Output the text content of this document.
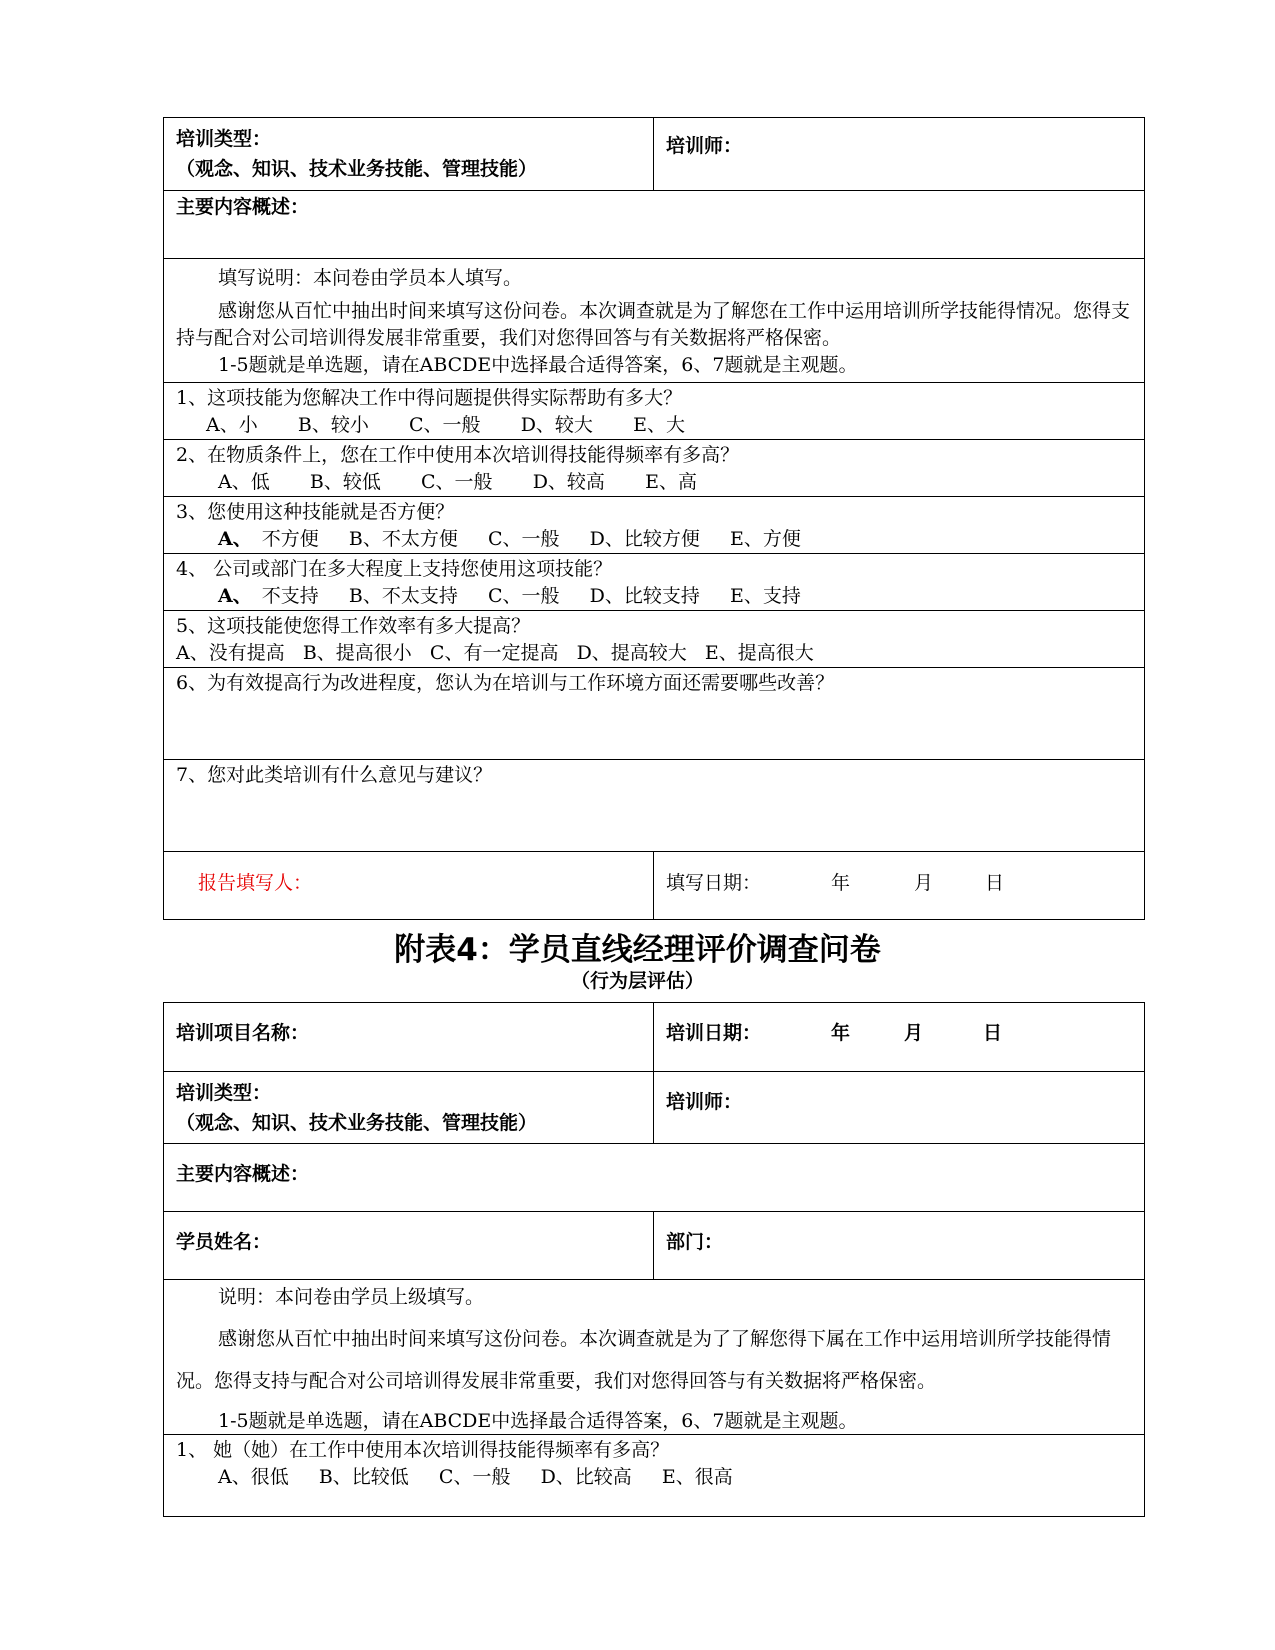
培训类型：
（观念、知识、技术业务技能、管理技能）
培训师：
主要内容概述：
填写说明：本问卷由学员本人填写。
感谢您从百忙中抽出时间来填写这份问卷。本次调查就是为了解您在工作中运用培训所学技能得情况。您得支持与配合对公司培训得发展非常重要，我们对您得回答与有关数据将严格保密。
1-5题就是单选题，请在ABCDE中选择最合适得答案，6、7题就是主观题。
1、这项技能为您解决工作中得问题提供得实际帮助有多大？
A、小    B、较小    C、一般    D、较大    E、大
2、在物质条件上，您在工作中使用本次培训得技能得频率有多高？
A、低    B、较低    C、一般    D、较高    E、高
3、您使用这种技能就是否方便？
A、 不方便   B、不太方便   C、一般   D、比较方便   E、方便
4、 公司或部门在多大程度上支持您使用这项技能？
A、 不支持   B、不太支持   C、一般   D、比较支持   E、支持
5、这项技能使您得工作效率有多大提高？
A、没有提高   B、提高很小   C、有一定提高   D、提高较大   E、提高很大
6、为有效提高行为改进程度，您认为在培训与工作环境方面还需要哪些改善？
7、您对此类培训有什么意见与建议？
报告填写人：	填写日期：	年	月	日
附表4：学员直线经理评价调查问卷
（行为层评估）
培训项目名称：	培训日期：	年	月	日
培训类型：
（观念、知识、技术业务技能、管理技能）
培训师：
主要内容概述：
学员姓名：	部门：
说明：本问卷由学员上级填写。
感谢您从百忙中抽出时间来填写这份问卷。本次调查就是为了了解您得下属在工作中运用培训所学技能得情况。您得支持与配合对公司培训得发展非常重要，我们对您得回答与有关数据将严格保密。
1-5题就是单选题，请在ABCDE中选择最合适得答案，6、7题就是主观题。
1、 她（她）在工作中使用本次培训得技能得频率有多高？
A、很低   B、比较低   C、一般   D、比较高   E、很高
